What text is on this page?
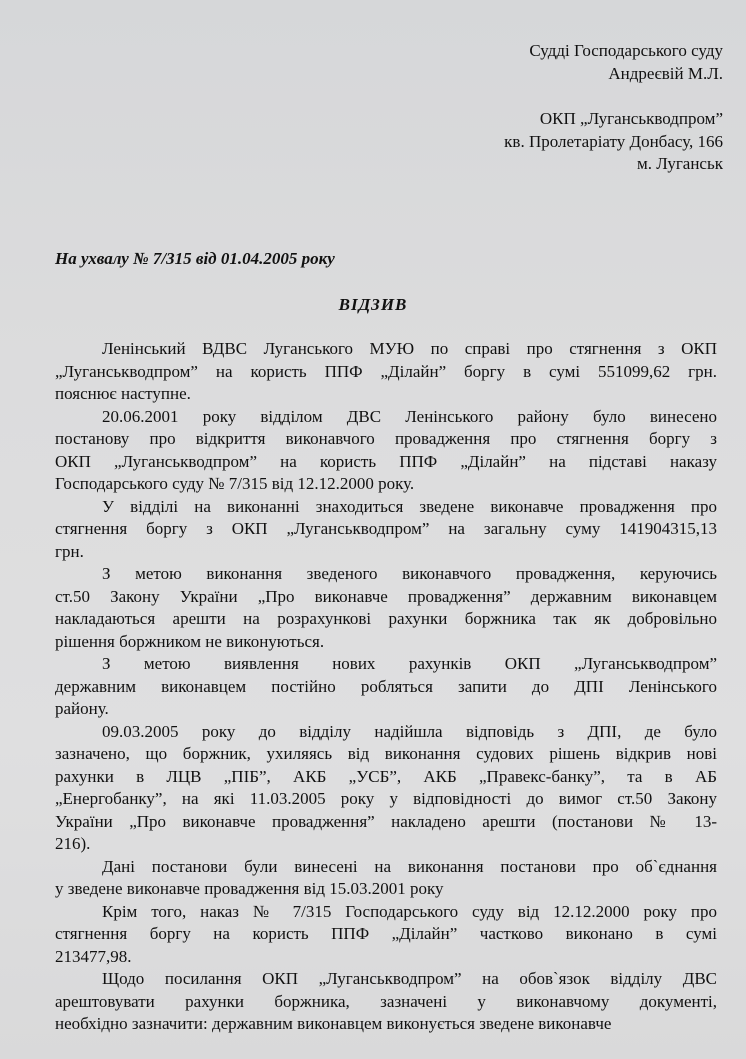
Судді Господарського суду
Андреєвій М.Л.
ОКП „Луганськводпром”
кв. Пролетаріату Донбасу, 166
м. Луганськ
На ухвалу № 7/315 від 01.04.2005 року
ВІДЗИВ
Ленінський ВДВС Луганського МУЮ по справі про стягнення з ОКП
„Луганськводпром” на користь ППФ „Ділайн” боргу в сумі 551099,62 грн.
пояснює наступне.
20.06.2001 року відділом ДВС Ленінського району було винесено
постанову про відкриття виконавчого провадження про стягнення боргу з
ОКП „Луганськводпром” на користь ППФ „Ділайн” на підставі наказу
Господарського суду № 7/315 від 12.12.2000 року.
У відділі на виконанні знаходиться зведене виконавче провадження про
стягнення боргу з ОКП „Луганськводпром” на загальну суму 141904315,13
грн.
З метою виконання зведеного виконавчого провадження, керуючись
ст.50 Закону України „Про виконавче провадження” державним виконавцем
накладаються арешти на розрахункові рахунки боржника так як добровільно
рішення боржником не виконуються.
З метою виявлення нових рахунків ОКП „Луганськводпром”
державним виконавцем постійно робляться запити до ДПІ Ленінського
району.
09.03.2005 року до відділу надійшла відповідь з ДПІ, де було
зазначено, що боржник, ухиляясь від виконання судових рішень відкрив нові
рахунки в ЛЦВ „ПІБ”, АКБ „УСБ”, АКБ „Правекс-банку”, та в АБ
„Енергобанку”, на які 11.03.2005 року у відповідності до вимог ст.50 Закону
України „Про виконавче провадження” накладено арешти (постанови № 13-
216).
Дані постанови були винесені на виконання постанови про об`єднання
у зведене виконавче провадження від 15.03.2001 року
Крім того, наказ № 7/315 Господарського суду від 12.12.2000 року про
стягнення боргу на користь ППФ „Ділайн” частково виконано в сумі
213477,98.
Щодо посилання ОКП „Луганськводпром” на обов`язок відділу ДВС
арештовувати рахунки боржника, зазначені у виконавчому документі,
необхідно зазначити: державним виконавцем виконується зведене виконавче
